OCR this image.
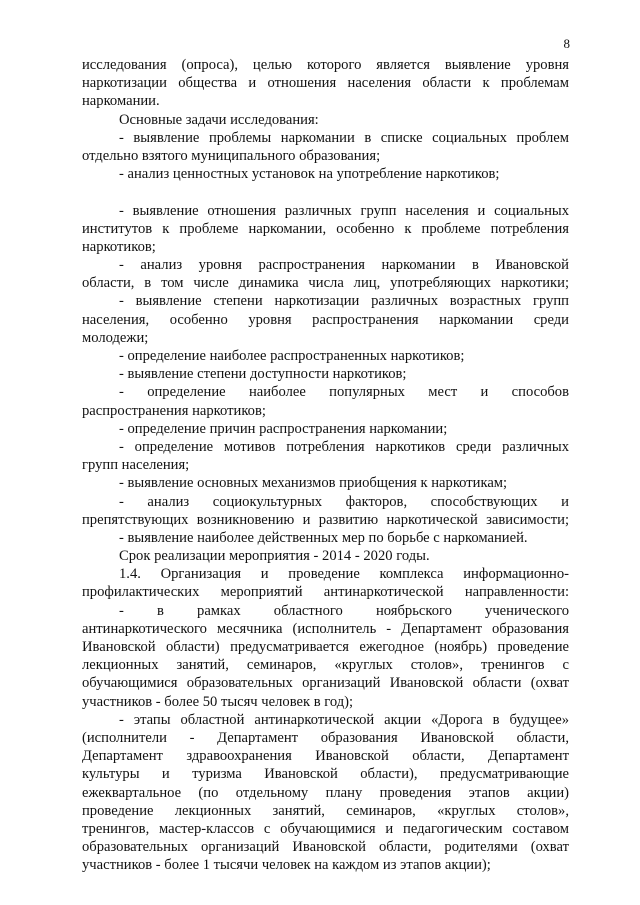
8
исследования (опроса), целью которого является выявление уровня
наркотизации общества и отношения населения области к проблемам
наркомании.
Основные задачи исследования:
- выявление проблемы наркомании в списке социальных проблем
отдельно взятого муниципального образования;
- анализ ценностных установок на употребление наркотиков;
- выявление отношения различных групп населения и социальных
институтов к проблеме наркомании, особенно к проблеме потребления
наркотиков;
- анализ уровня распространения наркомании в Ивановской
области, в том числе динамика числа лиц, употребляющих наркотики;
- выявление степени наркотизации различных возрастных групп
населения, особенно уровня распространения наркомании среди
молодежи;
- определение наиболее распространенных наркотиков;
- выявление степени доступности наркотиков;
- определение наиболее популярных мест и способов
распространения наркотиков;
- определение причин распространения наркомании;
- определение мотивов потребления наркотиков среди различных
групп населения;
- выявление основных механизмов приобщения к наркотикам;
- анализ социокультурных факторов, способствующих и
препятствующих возникновению и развитию наркотической зависимости;
- выявление наиболее действенных мер по борьбе с наркоманией.
Срок реализации мероприятия - 2014 - 2020 годы.
1.4. Организация и проведение комплекса информационно-
профилактических мероприятий антинаркотической направленности:
- в рамках областного ноябрьского ученического
антинаркотического месячника (исполнитель - Департамент образования
Ивановской области) предусматривается ежегодное (ноябрь) проведение
лекционных занятий, семинаров, «круглых столов», тренингов с
обучающимися образовательных организаций Ивановской области (охват
участников - более 50 тысяч человек в год);
- этапы областной антинаркотической акции «Дорога в будущее»
(исполнители - Департамент образования Ивановской области,
Департамент здравоохранения Ивановской области, Департамент
культуры и туризма Ивановской области), предусматривающие
ежеквартальное (по отдельному плану проведения этапов акции)
проведение лекционных занятий, семинаров, «круглых столов»,
тренингов, мастер-классов с обучающимися и педагогическим составом
образовательных организаций Ивановской области, родителями (охват
участников - более 1 тысячи человек на каждом из этапов акции);
